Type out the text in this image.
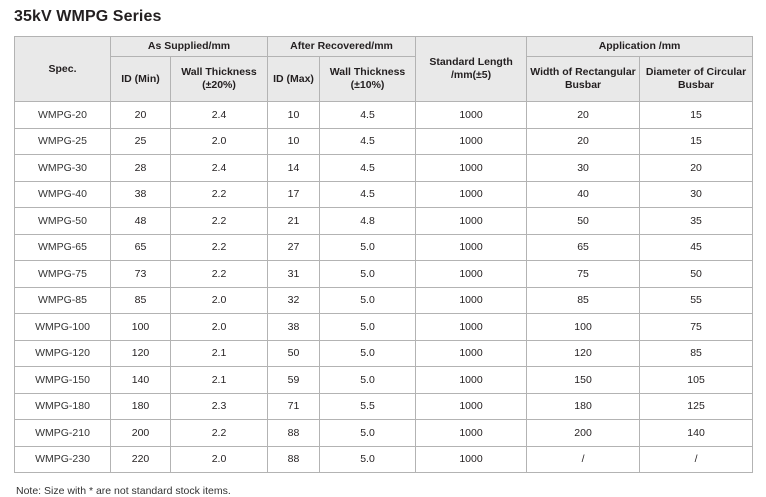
35kV WMPG Series
Spec.	As Supplied/mm		After Recovered/mm		Standard Length /mm(±5)	Application /mm	
	ID (Min)	Wall Thickness (±20%)	ID (Max)	Wall Thickness (±10%)		Width of Rectangular Busbar	Diameter of Circular Busbar
WMPG-20	20	2.4	10	4.5	1000	20	15
WMPG-25	25	2.0	10	4.5	1000	20	15
WMPG-30	28	2.4	14	4.5	1000	30	20
WMPG-40	38	2.2	17	4.5	1000	40	30
WMPG-50	48	2.2	21	4.8	1000	50	35
WMPG-65	65	2.2	27	5.0	1000	65	45
WMPG-75	73	2.2	31	5.0	1000	75	50
WMPG-85	85	2.0	32	5.0	1000	85	55
WMPG-100	100	2.0	38	5.0	1000	100	75
WMPG-120	120	2.1	50	5.0	1000	120	85
WMPG-150	140	2.1	59	5.0	1000	150	105
WMPG-180	180	2.3	71	5.5	1000	180	125
WMPG-210	200	2.2	88	5.0	1000	200	140
WMPG-230	220	2.0	88	5.0	1000	/	/
Note: Size with * are not standard stock items.
